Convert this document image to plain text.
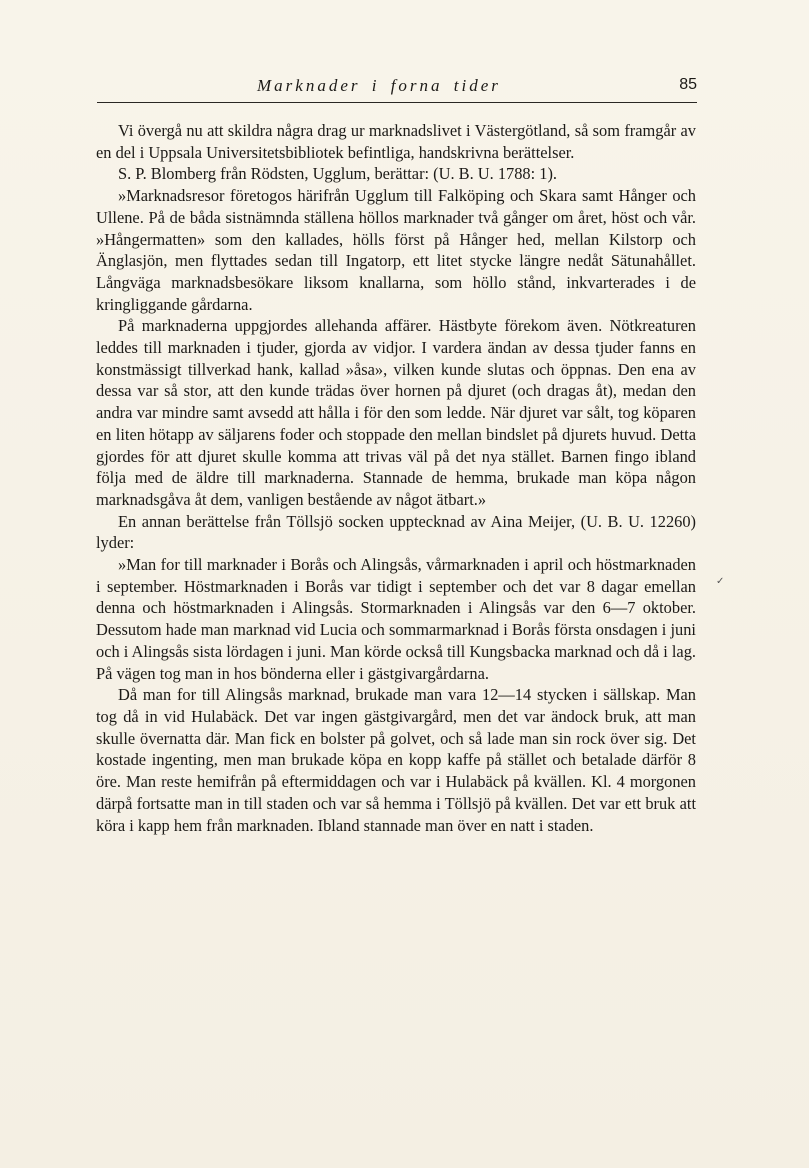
Marknader i forna tider	85

Vi övergå nu att skildra några drag ur marknadslivet i Västergötland, så som framgår av en del i Uppsala Universitetsbibliotek befintliga, handskrivna berättelser.

S. P. Blomberg från Rödsten, Ugglum, berättar: (U. B. U. 1788: 1).

»Marknadsresor företogos härifrån Ugglum till Falköping och Skara samt Hånger och Ullene. På de båda sistnämnda ställena höllos marknader två gånger om året, höst och vår. »Hångermatten» som den kallades, hölls först på Hånger hed, mellan Kilstorp och Änglasjön, men flyttades sedan till Ingatorp, ett litet stycke längre nedåt Sätunahållet. Långväga marknadsbesökare liksom knallarna, som höllo stånd, inkvarterades i de kringliggande gårdarna.

På marknaderna uppgjordes allehanda affärer. Hästbyte förekom även. Nötkreaturen leddes till marknaden i tjuder, gjorda av vidjor. I vardera ändan av dessa tjuder fanns en konstmässigt tillverkad hank, kallad »åsa», vilken kunde slutas och öppnas. Den ena av dessa var så stor, att den kunde trädas över hornen på djuret (och dragas åt), medan den andra var mindre samt avsedd att hålla i för den som ledde. När djuret var sålt, tog köparen en liten hötapp av säljarens foder och stoppade den mellan bindslet på djurets huvud. Detta gjordes för att djuret skulle komma att trivas väl på det nya stället. Barnen fingo ibland följa med de äldre till marknaderna. Stannade de hemma, brukade man köpa någon marknadsgåva åt dem, vanligen bestående av något ätbart.»

En annan berättelse från Töllsjö socken upptecknad av Aina Meijer, (U. B. U. 12260) lyder:

»Man for till marknader i Borås och Alingsås, vårmarknaden i april och höstmarknaden i september. Höstmarknaden i Borås var tidigt i september och det var 8 dagar emellan denna och höstmarknaden i Alingsås. Stormarknaden i Alingsås var den 6—7 oktober. Dessutom hade man marknad vid Lucia och sommarmarknad i Borås första onsdagen i juni och i Alingsås sista lördagen i juni. Man körde också till Kungsbacka marknad och då i lag. På vägen tog man in hos bönderna eller i gästgivargårdarna.

Då man for till Alingsås marknad, brukade man vara 12—14 stycken i sällskap. Man tog då in vid Hulabäck. Det var ingen gästgivargård, men det var ändock bruk, att man skulle övernatta där. Man fick en bolster på golvet, och så lade man sin rock över sig. Det kostade ingenting, men man brukade köpa en kopp kaffe på stället och betalade därför 8 öre. Man reste hemifrån på eftermiddagen och var i Hulabäck på kvällen. Kl. 4 morgonen därpå fortsatte man in till staden och var så hemma i Töllsjö på kvällen. Det var ett bruk att köra i kapp hem från marknaden. Ibland stannade man över en natt i staden.

✓
